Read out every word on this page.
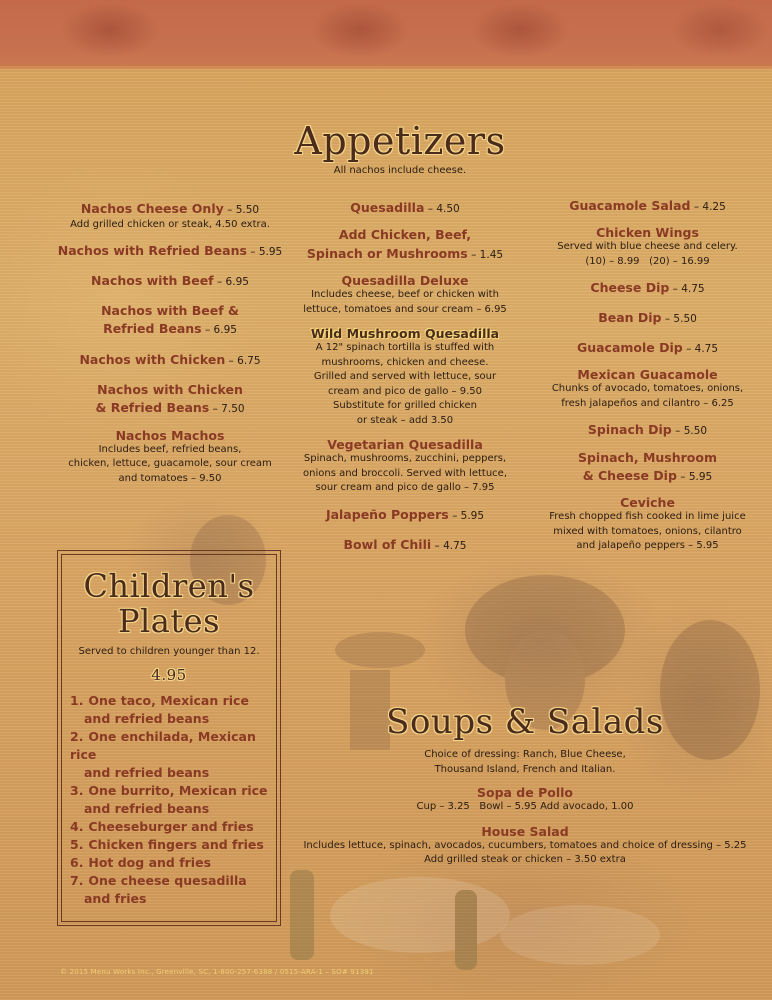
Appetizers
All nachos include cheese.
Nachos Cheese Only – 5.50
Add grilled chicken or steak, 4.50 extra.
Nachos with Refried Beans – 5.95
Nachos with Beef – 6.95
Nachos with Beef &
Refried Beans – 6.95
Nachos with Chicken – 6.75
Nachos with Chicken
& Refried Beans – 7.50
Nachos Machos
Includes beef, refried beans,
chicken, lettuce, guacamole, sour cream
and tomatoes – 9.50
Quesadilla – 4.50
Add Chicken, Beef,
Spinach or Mushrooms – 1.45
Quesadilla Deluxe
Includes cheese, beef or chicken with
lettuce, tomatoes and sour cream – 6.95
Wild Mushroom Quesadilla
A 12" spinach tortilla is stuffed with
mushrooms, chicken and cheese.
Grilled and served with lettuce, sour
cream and pico de gallo – 9.50
Substitute for grilled chicken
or steak – add 3.50
Vegetarian Quesadilla
Spinach, mushrooms, zucchini, peppers,
onions and broccoli. Served with lettuce,
sour cream and pico de gallo – 7.95
Jalapeño Poppers – 5.95
Bowl of Chili – 4.75
Guacamole Salad – 4.25
Chicken Wings
Served with blue cheese and celery.
(10) – 8.99   (20) – 16.99
Cheese Dip – 4.75
Bean Dip – 5.50
Guacamole Dip – 4.75
Mexican Guacamole
Chunks of avocado, tomatoes, onions,
fresh jalapeños and cilantro – 6.25
Spinach Dip – 5.50
Spinach, Mushroom
& Cheese Dip – 5.95
Ceviche
Fresh chopped fish cooked in lime juice
mixed with tomatoes, onions, cilantro
and jalapeño peppers – 5.95
Children's
Plates
Served to children younger than 12.
4.95
1. One taco, Mexican rice
and refried beans
2. One enchilada, Mexican rice
and refried beans
3. One burrito, Mexican rice
and refried beans
4. Cheeseburger and fries
5. Chicken fingers and fries
6. Hot dog and fries
7. One cheese quesadilla
and fries
Soups & Salads
Choice of dressing: Ranch, Blue Cheese,
Thousand Island, French and Italian.
Sopa de Pollo
Cup – 3.25   Bowl – 5.95 Add avocado, 1.00
House Salad
Includes lettuce, spinach, avocados, cucumbers, tomatoes and choice of dressing – 5.25
Add grilled steak or chicken – 3.50 extra
© 2015 Menu Works Inc., Greenville, SC, 1-800-257-6388 / 0515-ARA-1 – SO# 91391
